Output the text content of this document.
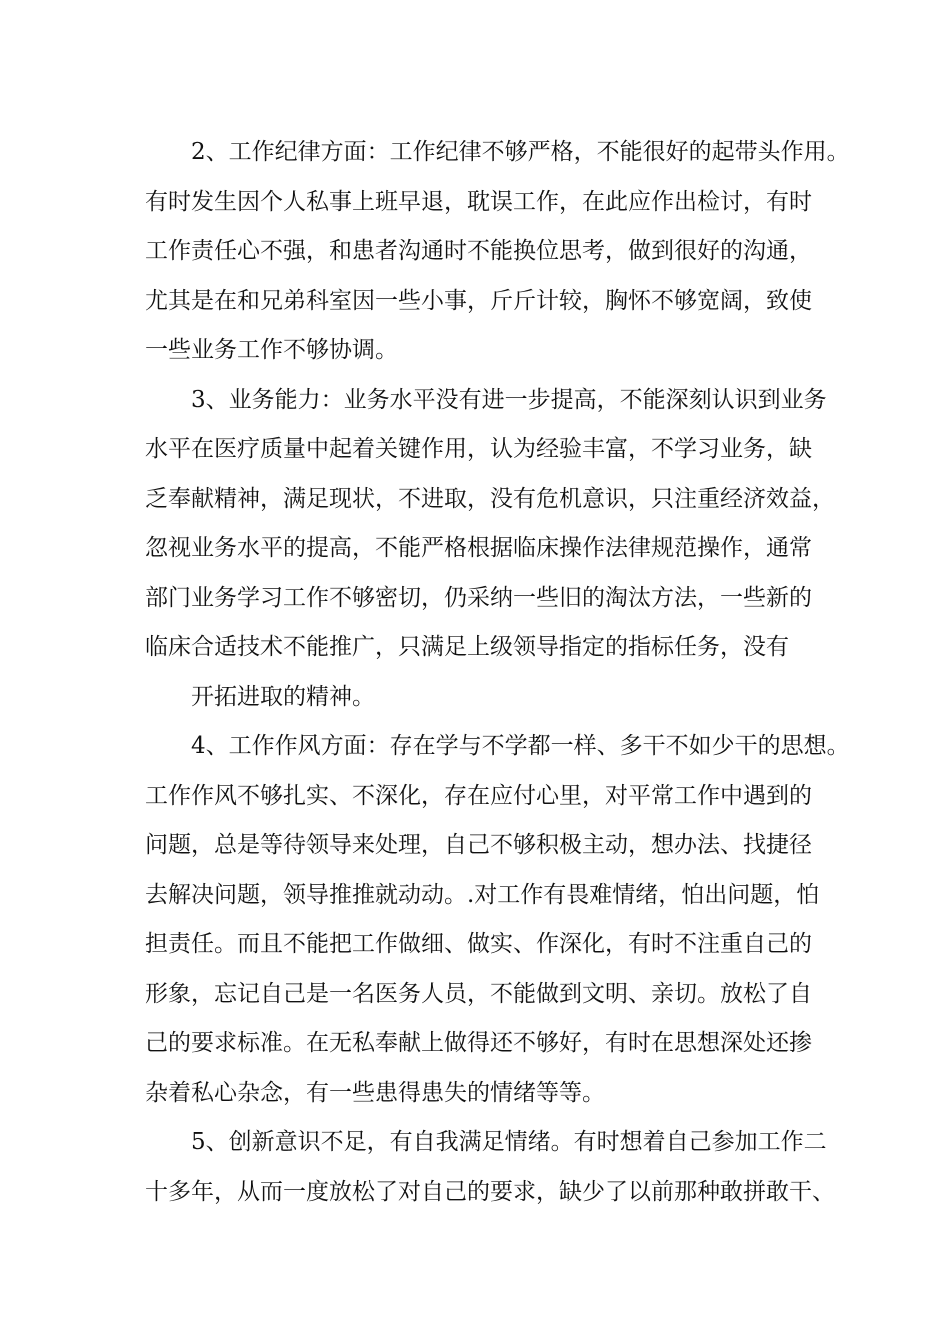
2、工作纪律方面：工作纪律不够严格，不能很好的起带头作用。
有时发生因个人私事上班早退，耽误工作，在此应作出检讨，有时
工作责任心不强，和患者沟通时不能换位思考，做到很好的沟通，
尤其是在和兄弟科室因一些小事，斤斤计较，胸怀不够宽阔，致使
一些业务工作不够协调。
3、业务能力：业务水平没有进一步提高，不能深刻认识到业务
水平在医疗质量中起着关键作用，认为经验丰富，不学习业务，缺
乏奉献精神，满足现状，不进取，没有危机意识，只注重经济效益，
忽视业务水平的提高，不能严格根据临床操作法律规范操作，通常
部门业务学习工作不够密切，仍采纳一些旧的淘汰方法，一些新的
临床合适技术不能推广，只满足上级领导指定的指标任务，没有
开拓进取的精神。
4、工作作风方面：存在学与不学都一样、多干不如少干的思想。
工作作风不够扎实、不深化，存在应付心里，对平常工作中遇到的
问题，总是等待领导来处理，自己不够积极主动，想办法、找捷径
去解决问题，领导推推就动动。.对工作有畏难情绪，怕出问题，怕
担责任。而且不能把工作做细、做实、作深化，有时不注重自己的
形象，忘记自己是一名医务人员，不能做到文明、亲切。放松了自
己的要求标准。在无私奉献上做得还不够好，有时在思想深处还掺
杂着私心杂念，有一些患得患失的情绪等等。
5、创新意识不足，有自我满足情绪。有时想着自己参加工作二
十多年，从而一度放松了对自己的要求，缺少了以前那种敢拼敢干、
